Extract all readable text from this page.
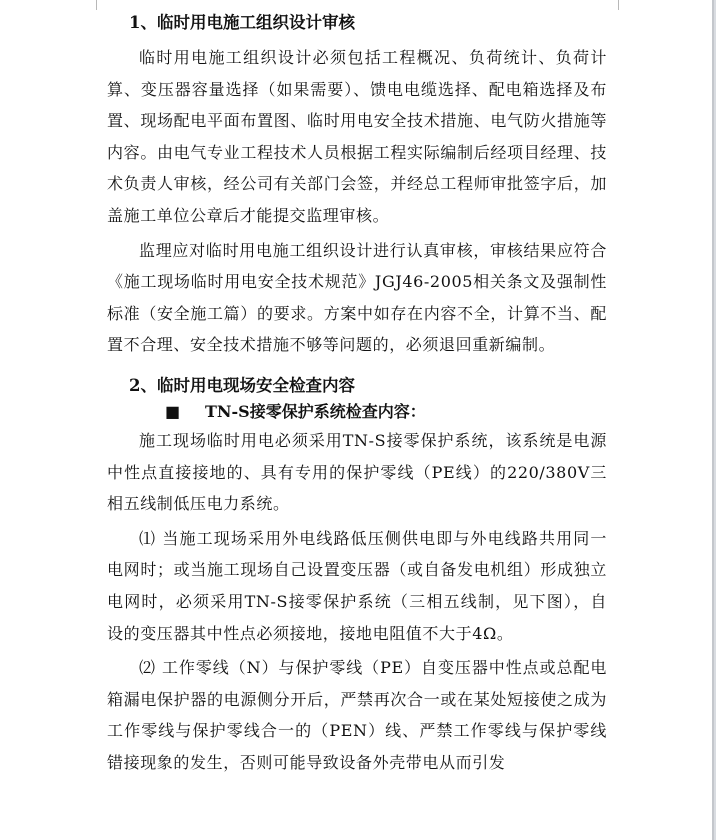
1、临时用电施工组织设计审核
临时用电施工组织设计必须包括工程概况、负荷统计、负荷计算、变压器容量选择（如果需要）、馈电电缆选择、配电箱选择及布置、现场配电平面布置图、临时用电安全技术措施、电气防火措施等内容。由电气专业工程技术人员根据工程实际编制后经项目经理、技术负责人审核，经公司有关部门会签，并经总工程师审批签字后，加盖施工单位公章后才能提交监理审核。
监理应对临时用电施工组织设计进行认真审核，审核结果应符合《施工现场临时用电安全技术规范》JGJ46-2005相关条文及强制性标准（安全施工篇）的要求。方案中如存在内容不全，计算不当、配置不合理、安全技术措施不够等问题的，必须退回重新编制。
2、临时用电现场安全检查内容
■ TN-S接零保护系统检查内容：
施工现场临时用电必须采用TN-S接零保护系统，该系统是电源中性点直接接地的、具有专用的保护零线（PE线）的220/380V三相五线制低压电力系统。
⑴ 当施工现场采用外电线路低压侧供电即与外电线路共用同一电网时；或当施工现场自己设置变压器（或自备发电机组）形成独立电网时，必须采用TN-S接零保护系统（三相五线制，见下图），自设的变压器其中性点必须接地，接地电阻值不大于4Ω。
⑵ 工作零线（N）与保护零线（PE）自变压器中性点或总配电箱漏电保护器的电源侧分开后，严禁再次合一或在某处短接使之成为工作零线与保护零线合一的（PEN）线、严禁工作零线与保护零线错接现象的发生，否则可能导致设备外壳带电从而引发
